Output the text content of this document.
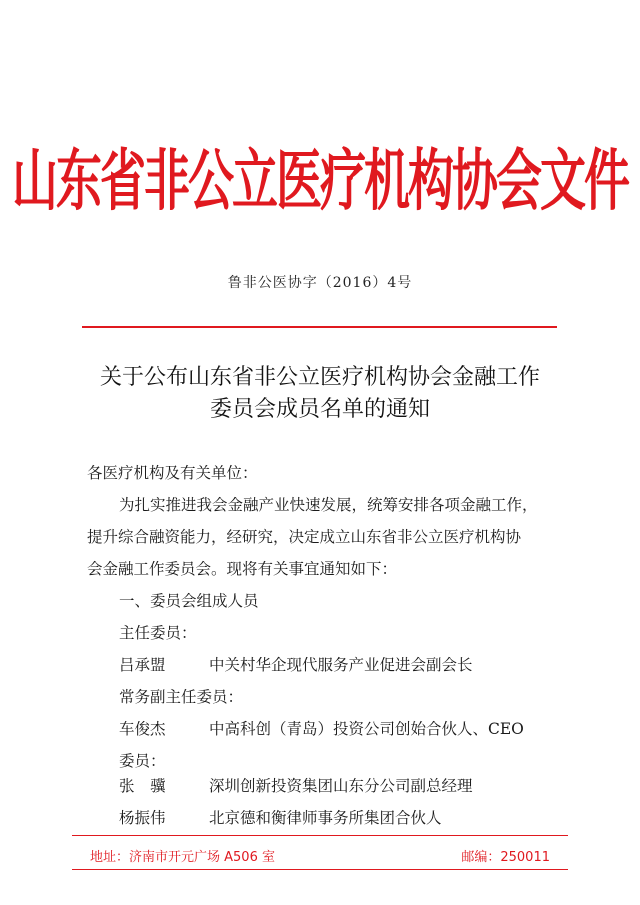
山东省非公立医疗机构协会文件
鲁非公医协字（2016）4号
关于公布山东省非公立医疗机构协会金融工作
委员会成员名单的通知
各医疗机构及有关单位：
为扎实推进我会金融产业快速发展，统筹安排各项金融工作，
提升综合融资能力，经研究，决定成立山东省非公立医疗机构协
会金融工作委员会。现将有关事宜通知如下：
一、委员会组成人员
主任委员：
吕承盟	中关村华企现代服务产业促进会副会长
常务副主任委员：
车俊杰	中高科创（青岛）投资公司创始合伙人、CEO
委员：
张　骥	深圳创新投资集团山东分公司副总经理
杨振伟	北京德和衡律师事务所集团合伙人
地址：济南市开元广场 A506 室	邮编：250011
